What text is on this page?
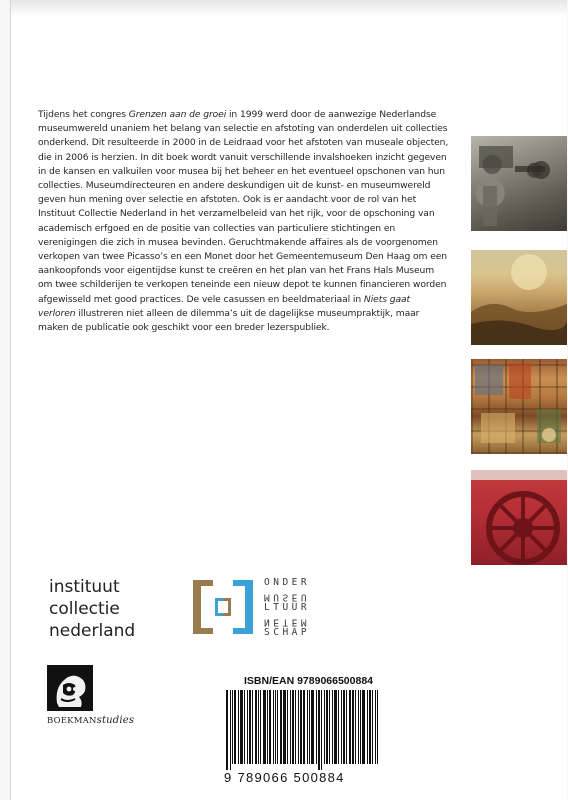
Tijdens het congres Grenzen aan de groei in 1999 werd door de aanwezige Nederlandse museumwereld unaniem het belang van selectie en afstoting van onderdelen uit collecties onderkend. Dit resulteerde in 2000 in de Leidraad voor het afstoten van museale objecten, die in 2006 is herzien. In dit boek wordt vanuit verschillende invalshoeken inzicht gegeven in de kansen en valkuilen voor musea bij het beheer en het eventueel opschonen van hun collecties. Museumdirecteuren en andere deskundigen uit de kunst- en museumwereld geven hun mening over selectie en afstoten. Ook is er aandacht voor de rol van het Instituut Collectie Nederland in het verzamelbeleid van het rijk, voor de opschoning van academisch erfgoed en de positie van collecties van particuliere stichtingen en verenigingen die zich in musea bevinden. Geruchtmakende affaires als de voorgenomen verkopen van twee Picasso’s en een Monet door het Gemeentemuseum Den Haag om een aankoopfonds voor eigentijdse kunst te creëren en het plan van het Frans Hals Museum om twee schilderijen te verkopen teneinde een nieuw depot te kunnen financieren worden afgewisseld met good practices. De vele casussen en beeldmateriaal in Niets gaat verloren illustreren niet alleen de dilemma’s uit de dagelijkse museumpraktijk, maar maken de publicatie ook geschikt voor een breder lezerspubliek.

instituut
collectie
nederland
ONDER
MUSEU
LTUUR
NETEM
SCHAP
BOEKMANstudies
ISBN/EAN 9789066500884
9 789066 500884
